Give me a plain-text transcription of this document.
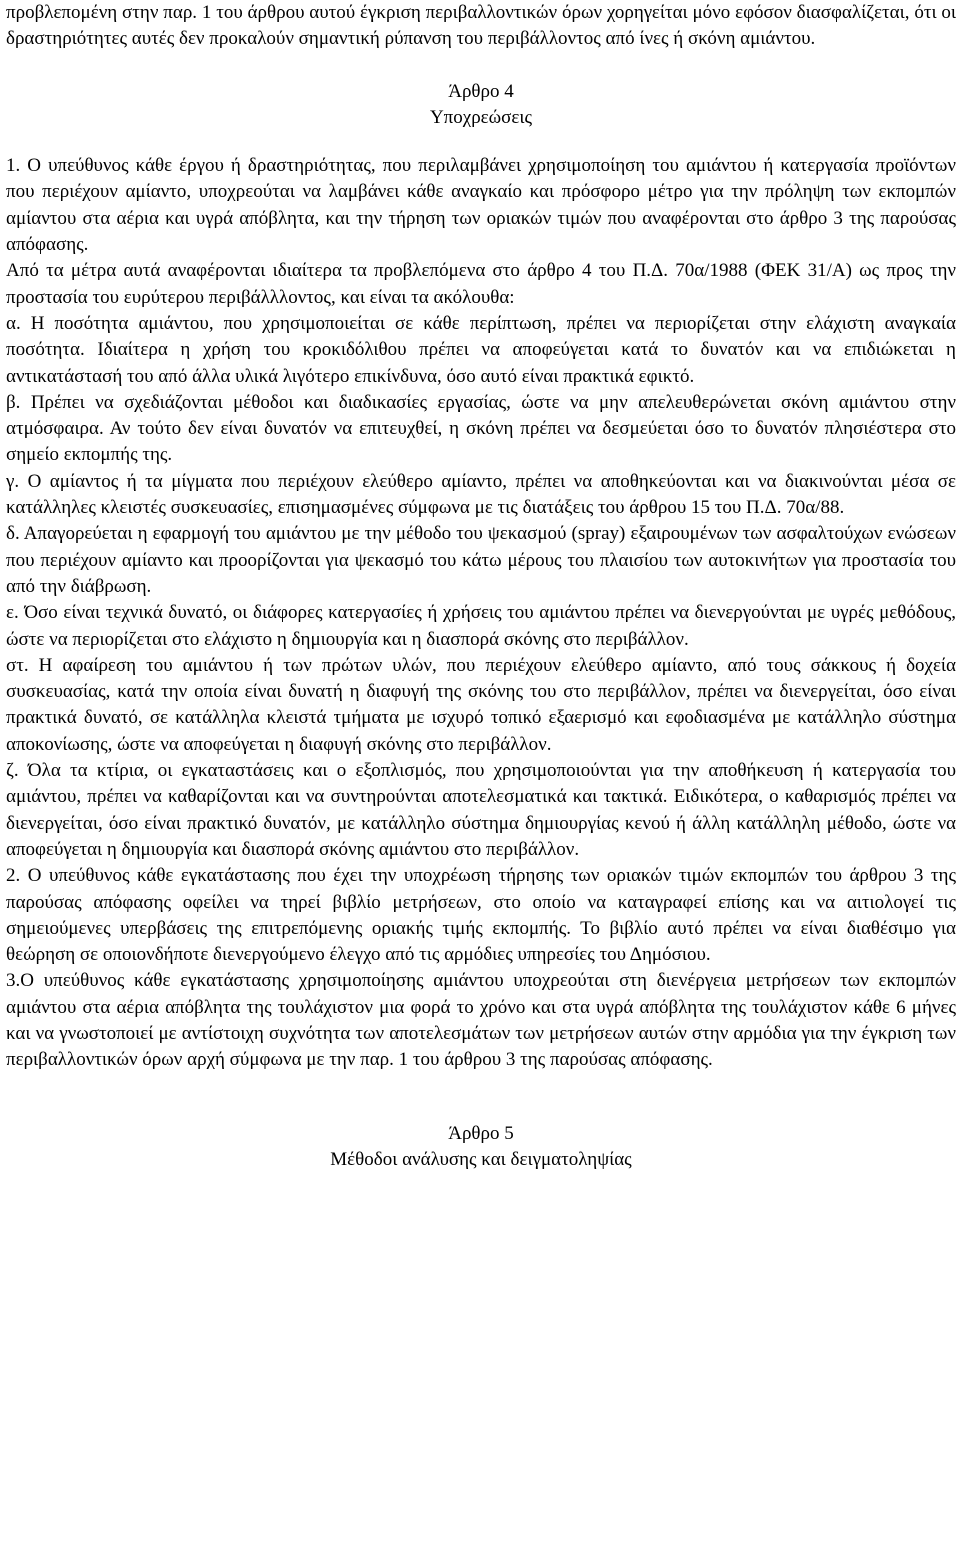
προβλεπομένη στην παρ. 1 του άρθρου αυτού έγκριση περιβαλλοντικών όρων χορηγείται μόνο εφόσον διασφαλίζεται, ότι οι δραστηριότητες αυτές δεν προκαλούν σημαντική ρύπανση του περιβάλλοντος από ίνες ή σκόνη αμιάντου.

Άρθρο 4

Υποχρεώσεις

1. Ο υπεύθυνος κάθε έργου ή δραστηριότητας, που περιλαμβάνει χρησιμοποίηση του αμιάντου ή κατεργασία προϊόντων που περιέχουν αμίαντο, υποχρεούται να λαμβάνει κάθε αναγκαίο και πρόσφορο μέτρο για την πρόληψη των εκπομπών αμίαντου στα αέρια και υγρά απόβλητα, και την τήρηση των οριακών τιμών που αναφέρονται στο άρθρο 3 της παρούσας απόφασης.

Από τα μέτρα αυτά αναφέρονται ιδιαίτερα τα προβλεπόμενα στο άρθρο 4 του Π.Δ. 70α/1988 (ΦΕΚ 31/Α) ως προς την προστασία του ευρύτερου περιβάλλλοντος, και είναι τα ακόλουθα:

α. Η ποσότητα αμιάντου, που χρησιμοποιείται σε κάθε περίπτωση, πρέπει να περιορίζεται στην ελάχιστη αναγκαία ποσότητα. Ιδιαίτερα η χρήση του κροκιδόλιθου πρέπει να αποφεύγεται κατά το δυνατόν και να επιδιώκεται η αντικατάστασή του από άλλα υλικά λιγότερο επικίνδυνα, όσο αυτό είναι πρακτικά εφικτό.

β. Πρέπει να σχεδιάζονται μέθοδοι και διαδικασίες εργασίας, ώστε να μην απελευθερώνεται σκόνη αμιάντου στην ατμόσφαιρα. Αν τούτο δεν είναι δυνατόν να επιτευχθεί, η σκόνη πρέπει να δεσμεύεται όσο το δυνατόν πλησιέστερα στο σημείο εκπομπής της.

γ. Ο αμίαντος ή τα μίγματα που περιέχουν ελεύθερο αμίαντο, πρέπει να αποθηκεύονται και να διακινούνται μέσα σε κατάλληλες κλειστές συσκευασίες, επισημασμένες σύμφωνα με τις διατάξεις του άρθρου 15 του Π.Δ. 70α/88.

δ. Απαγορεύεται η εφαρμογή του αμιάντου με την μέθοδο του ψεκασμού (spray) εξαιρουμένων των ασφαλτούχων ενώσεων που περιέχουν αμίαντο και προορίζονται για ψεκασμό του κάτω μέρους του πλαισίου των αυτοκινήτων για προστασία του από την διάβρωση.

ε. Όσο είναι τεχνικά δυνατό, οι διάφορες κατεργασίες ή χρήσεις του αμιάντου πρέπει να διενεργούνται με υγρές μεθόδους, ώστε να περιορίζεται στο ελάχιστο η δημιουργία και η διασπορά σκόνης στο περιβάλλον.

στ. Η αφαίρεση του αμιάντου ή των πρώτων υλών, που περιέχουν ελεύθερο αμίαντο, από τους σάκκους ή δοχεία συσκευασίας, κατά την οποία είναι δυνατή η διαφυγή της σκόνης του στο περιβάλλον, πρέπει να διενεργείται, όσο είναι πρακτικά δυνατό, σε κατάλληλα κλειστά τμήματα με ισχυρό τοπικό εξαερισμό και εφοδιασμένα με κατάλληλο σύστημα αποκονίωσης, ώστε να αποφεύγεται η διαφυγή σκόνης στο περιβάλλον.

ζ. Όλα τα κτίρια, οι εγκαταστάσεις και ο εξοπλισμός, που χρησιμοποιούνται για την αποθήκευση ή κατεργασία του αμιάντου, πρέπει να καθαρίζονται και να συντηρούνται αποτελεσματικά και τακτικά. Ειδικότερα, ο καθαρισμός πρέπει να διενεργείται, όσο είναι πρακτικό δυνατόν, με κατάλληλο σύστημα δημιουργίας κενού ή άλλη κατάλληλη μέθοδο, ώστε να αποφεύγεται η δημιουργία και διασπορά σκόνης αμιάντου στο περιβάλλον.

2. Ο υπεύθυνος κάθε εγκατάστασης που έχει την υποχρέωση τήρησης των οριακών τιμών εκπομπών του άρθρου 3 της παρούσας απόφασης οφείλει να τηρεί βιβλίο μετρήσεων, στο οποίο να καταγραφεί επίσης και να αιτιολογεί τις σημειούμενες υπερβάσεις της επιτρεπόμενης οριακής τιμής εκπομπής. Το βιβλίο αυτό πρέπει να είναι διαθέσιμο για θεώρηση σε οποιονδήποτε διενεργούμενο έλεγχο από τις αρμόδιες υπηρεσίες του Δημόσιου.

3.Ο υπεύθυνος κάθε εγκατάστασης χρησιμοποίησης αμιάντου υποχρεούται στη διενέργεια μετρήσεων των εκπομπών αμιάντου στα αέρια απόβλητα της τουλάχιστον μια φορά το χρόνο και στα υγρά απόβλητα της τουλάχιστον κάθε 6 μήνες και να γνωστοποιεί με αντίστοιχη συχνότητα των αποτελεσμάτων των μετρήσεων αυτών στην αρμόδια για την έγκριση των περιβαλλοντικών όρων αρχή σύμφωνα με την παρ. 1 του άρθρου 3 της παρούσας απόφασης.

Άρθρο 5

Μέθοδοι ανάλυσης και δειγματοληψίας
